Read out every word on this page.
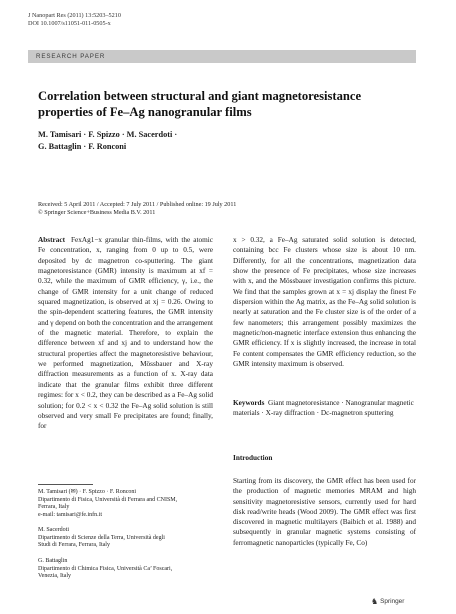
J Nanopart Res (2011) 13:5203–5210
DOI 10.1007/s11051-011-0505-x
RESEARCH PAPER
Correlation between structural and giant magnetoresistance properties of Fe–Ag nanogranular films
M. Tamisari · F. Spizzo · M. Sacerdoti ·
G. Battaglin · F. Ronconi
Received: 5 April 2011 / Accepted: 7 July 2011 / Published online: 19 July 2011
© Springer Science+Business Media B.V. 2011

Abstract FexAg1−x granular thin-films, with the atomic Fe concentration, x, ranging from 0 up to 0.5, were deposited by dc magnetron co-sputtering. The giant magnetoresistance (GMR) intensity is maximum at xf = 0.32, while the maximum of GMR efficiency, γ, i.e., the change of GMR intensity for a unit change of reduced squared magnetization, is observed at xj = 0.26. Owing to the spin-dependent scattering features, the GMR intensity and γ depend on both the concentration and the arrangement of the magnetic material. Therefore, to explain the difference between xf and xj and to understand how the structural properties affect the magnetoresistive behaviour, we performed magnetization, Mössbauer and X-ray diffraction measurements as a function of x. X-ray data indicate that the granular films exhibit three different regimes: for x < 0.2, they can be described as a Fe–Ag solid solution; for 0.2 < x < 0.32 the Fe–Ag solid solution is still observed and very small Fe precipitates are found; finally, for

x > 0.32, a Fe–Ag saturated solid solution is detected, containing bcc Fe clusters whose size is about 10 nm. Differently, for all the concentrations, magnetization data show the presence of Fe precipitates, whose size increases with x, and the Mössbauer investigation confirms this picture. We find that the samples grown at x = xj display the finest Fe dispersion within the Ag matrix, as the Fe–Ag solid solution is nearly at saturation and the Fe cluster size is of the order of a few nanometers; this arrangement possibly maximizes the magnetic/non-magnetic interface extension thus enhancing the GMR efficiency. If x is slightly increased, the increase in total Fe content compensates the GMR efficiency reduction, so the GMR intensity maximum is observed.

Keywords Giant magnetoresistance · Nanogranular magnetic materials · X-ray diffraction · Dc-magnetron sputtering
Introduction
Starting from its discovery, the GMR effect has been used for the production of magnetic memories MRAM and high sensitivity magnetoresistive sensors, currently used for hard disk read/write heads (Wood 2009). The GMR effect was first discovered in magnetic multilayers (Baibich et al. 1988) and subsequently in granular magnetic systems consisting of ferromagnetic nanoparticles (typically Fe, Co)
M. Tamisari (✉) · F. Spizzo · F. Ronconi
Dipartimento di Fisica, Università di Ferrara and CNISM,
Ferrara, Italy
e-mail: tamisari@fe.infn.it
M. Sacerdoti
Dipartimento di Scienze della Terra, Università degli
Studi di Ferrara, Ferrara, Italy
G. Battaglin
Dipartimento di Chimica Fisica, Università Ca’ Foscari,
Venezia, Italy
♞ Springer
